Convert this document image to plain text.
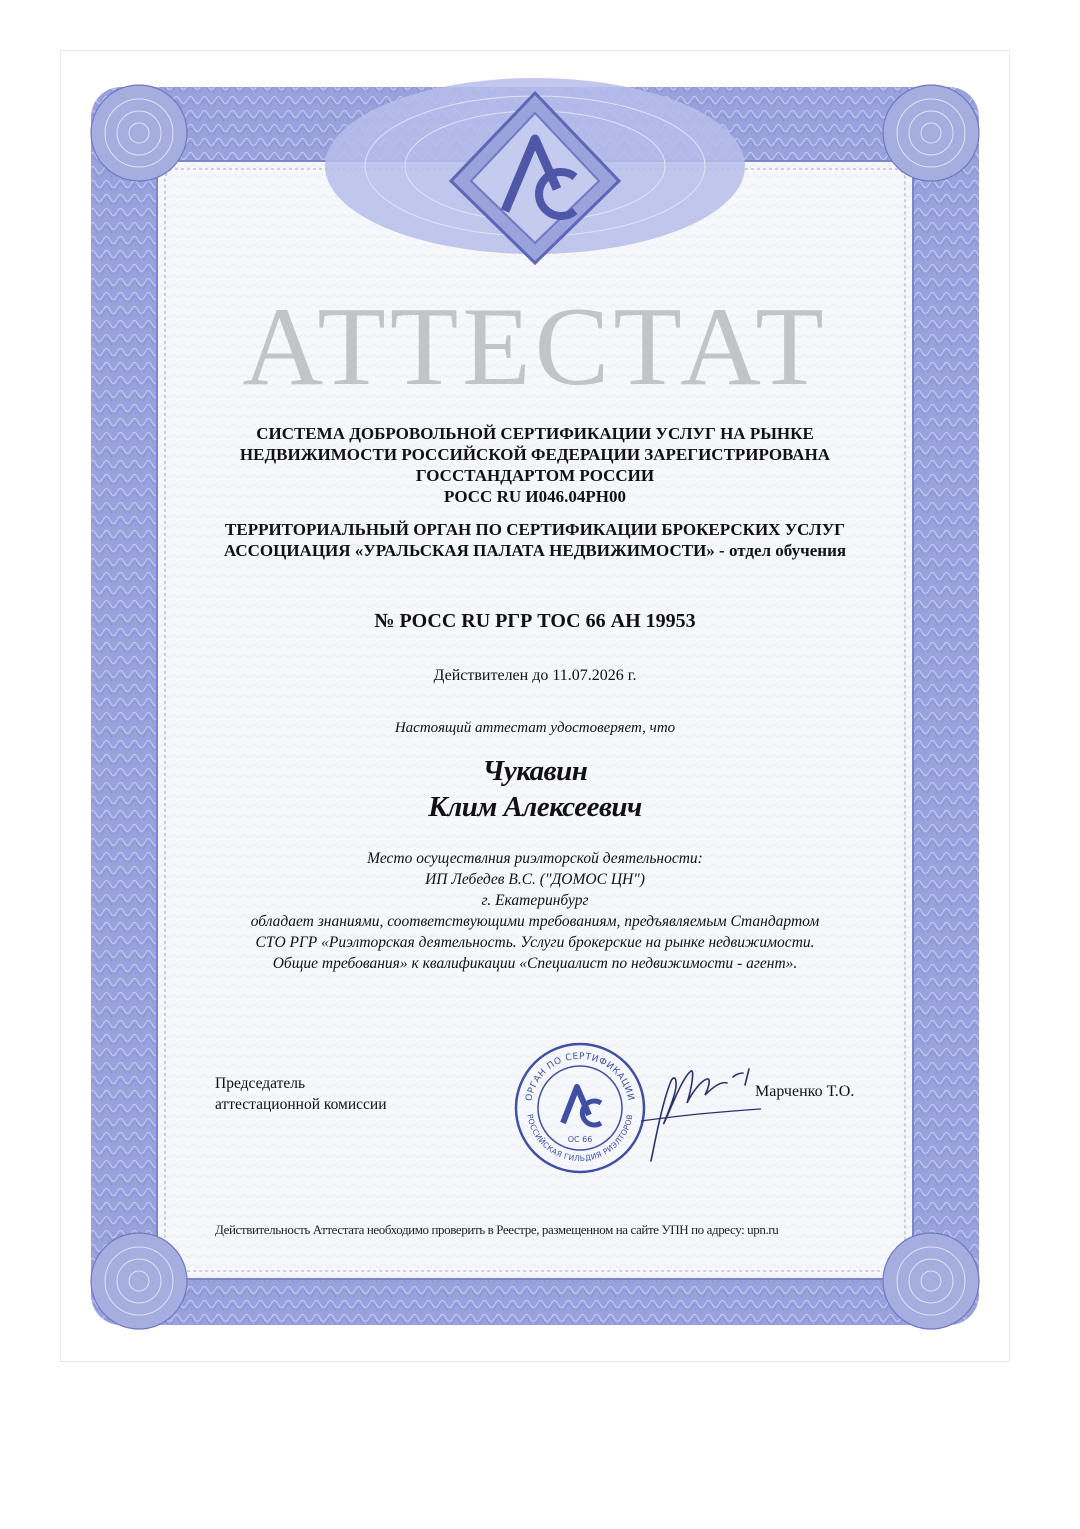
АТТЕСТАТ
СИСТЕМА ДОБРОВОЛЬНОЙ СЕРТИФИКАЦИИ УСЛУГ НА РЫНКЕ
НЕДВИЖИМОСТИ РОССИЙСКОЙ ФЕДЕРАЦИИ ЗАРЕГИСТРИРОВАНА
ГОССТАНДАРТОМ РОССИИ
РОСС RU И046.04РН00
ТЕРРИТОРИАЛЬНЫЙ ОРГАН ПО СЕРТИФИКАЦИИ БРОКЕРСКИХ УСЛУГ
АССОЦИАЦИЯ «УРАЛЬСКАЯ ПАЛАТА НЕДВИЖИМОСТИ» - отдел обучения
№ РОСС RU РГР ТОС 66 АН 19953
Действителен до 11.07.2026 г.
Настоящий аттестат удостоверяет, что
Чукавин
Клим Алексеевич
Место осуществлния риэлторской деятельности:
ИП Лебедев В.С. ("ДОМОС ЦН")
г. Екатеринбург
обладает знаниями, соответствующими требованиям, предъявляемым Стандартом
СТО РГР «Риэлторская деятельность. Услуги брокерские на рынке недвижимости.
Общие требования» к квалификации «Специалист по недвижимости - агент».
Председатель
аттестационной комиссии	ОРГАН ПО СЕРТИФИКАЦИИ
РОССИЙСКАЯ ГИЛЬДИЯ РИЭЛТОРОВ
ОС 66
Марченко Т.О.
Действительность Аттестата необходимо проверить в Реестре, размещенном на сайте УПН по адресу: upn.ru
